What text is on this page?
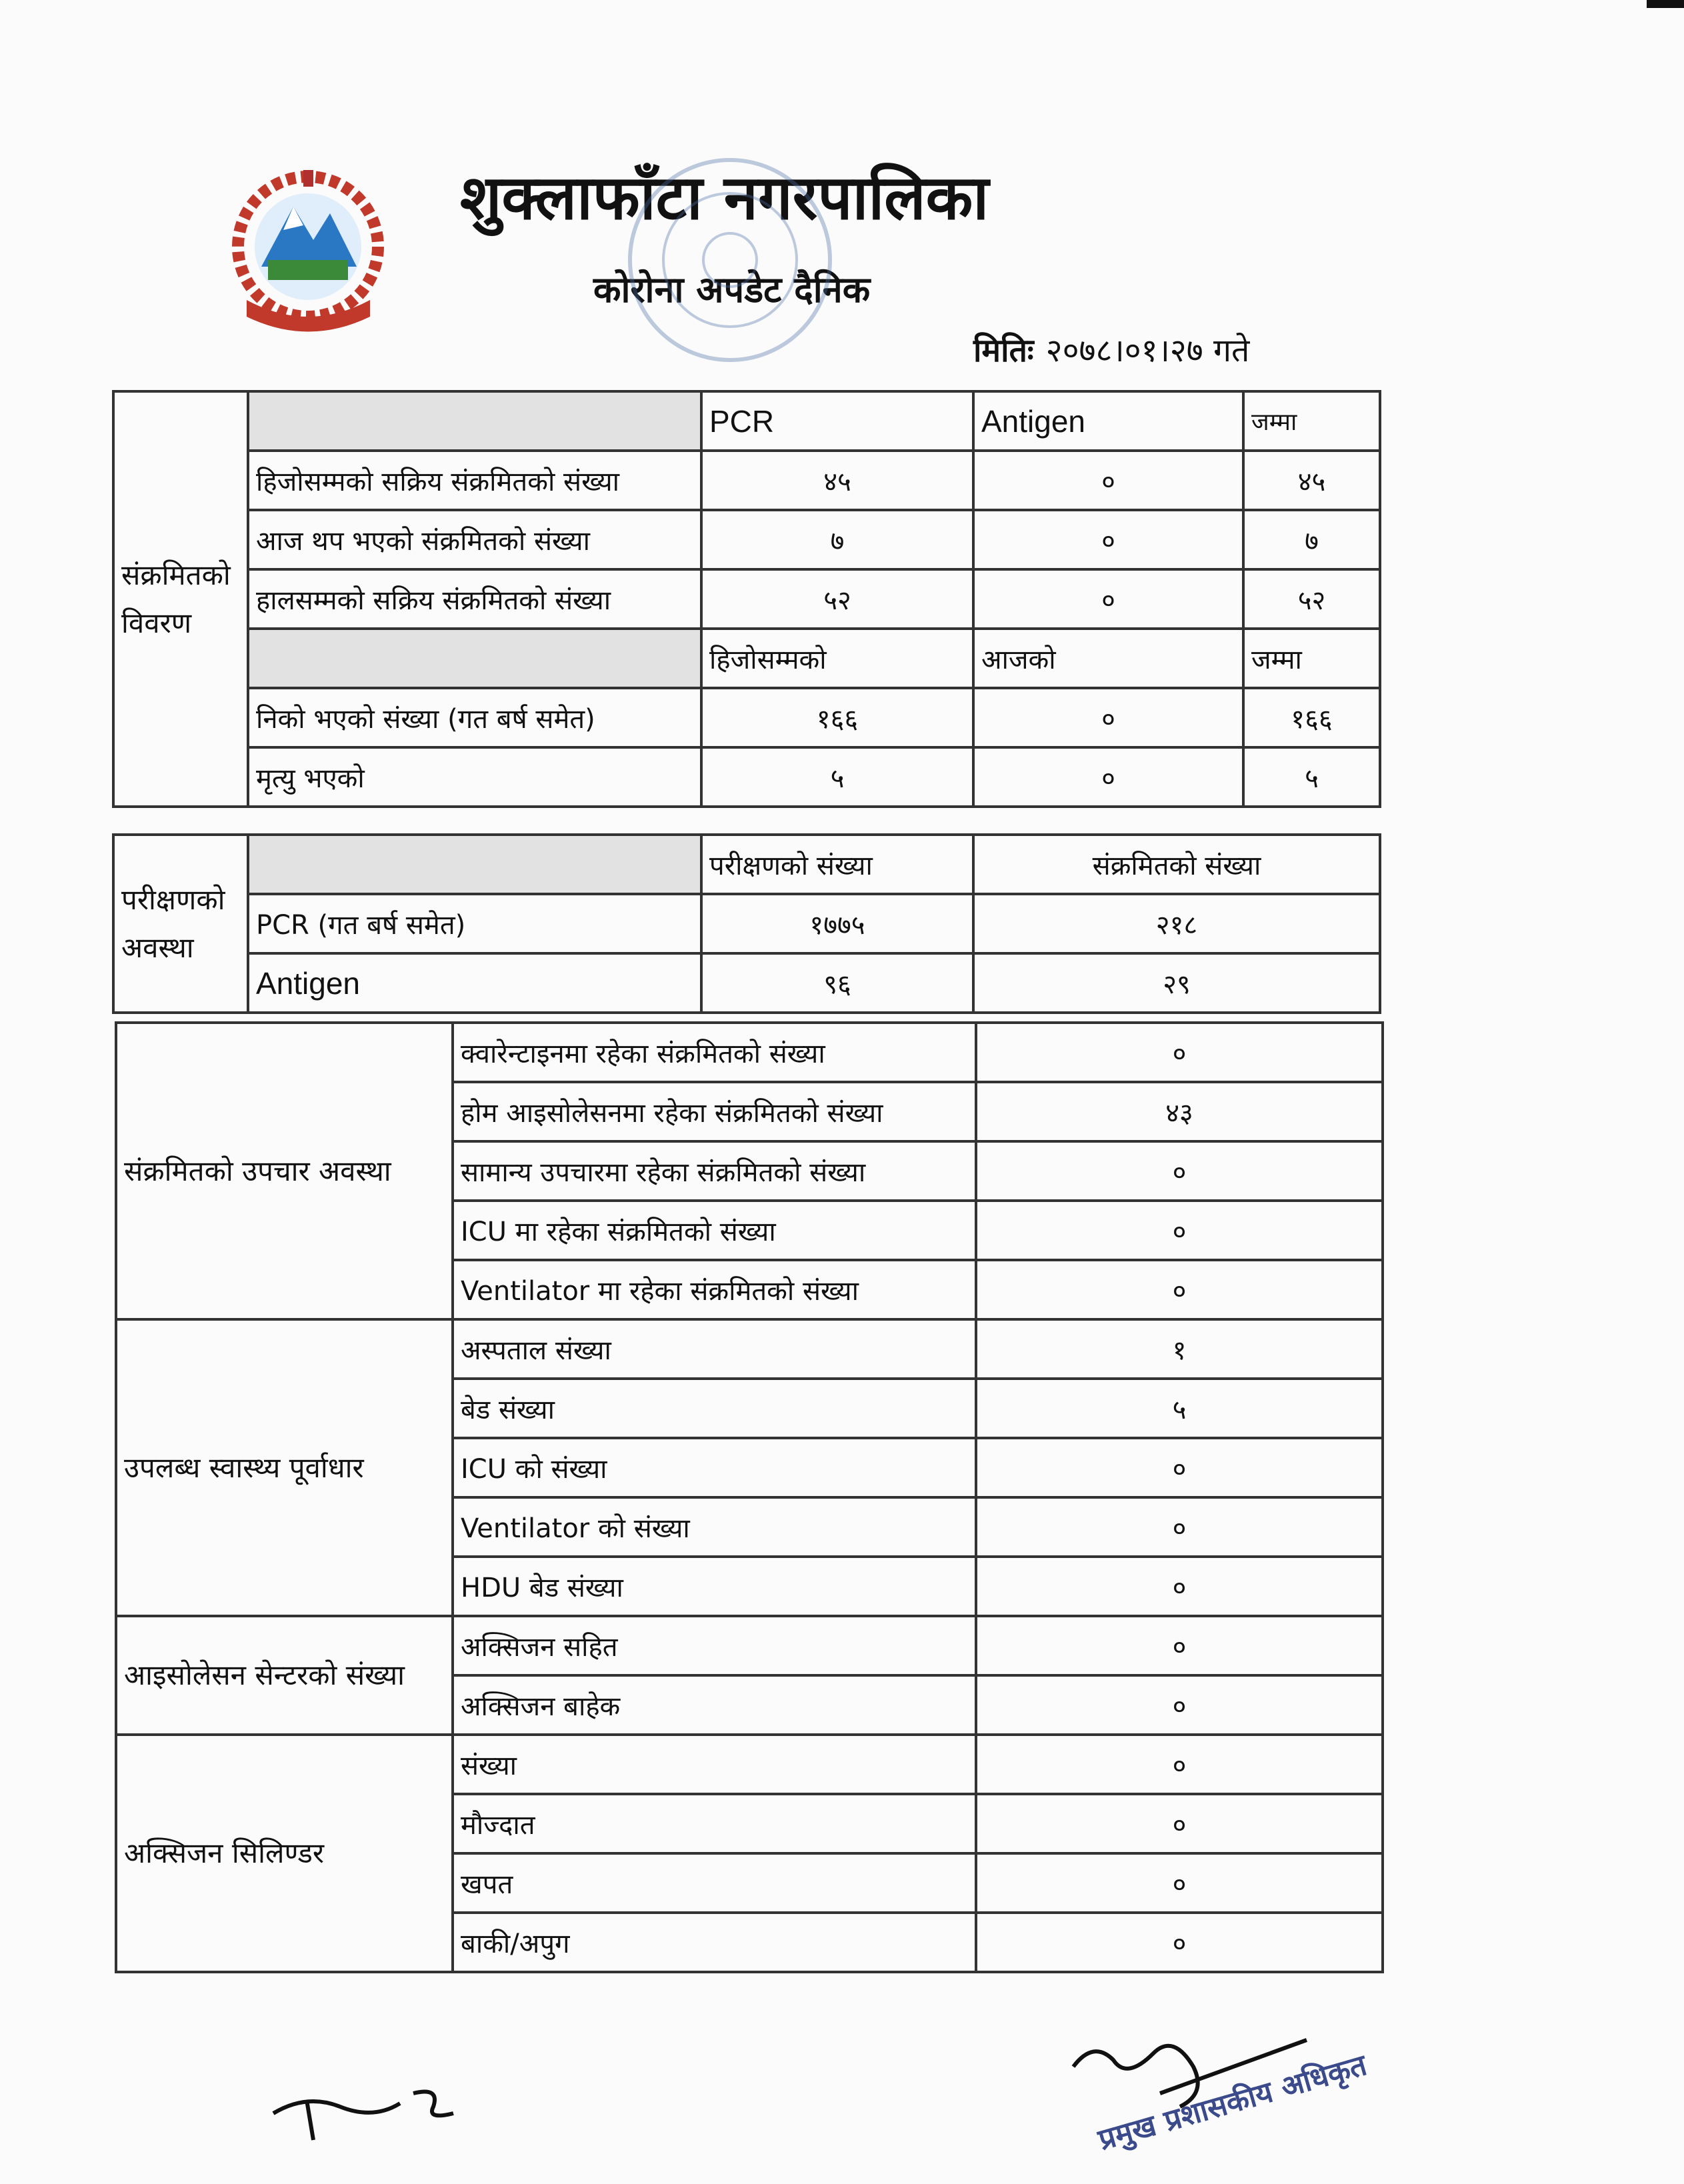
शुक्लाफाँटा नगरपालिका
कोरोना अपडेट दैनिक
मितिः २०७८।०१।२७ गते
संक्रमितको विवरण		PCR	Antigen	जम्मा
	हिजोसम्मको सक्रिय संक्रमितको संख्या	४५	०	४५
	आज थप भएको संक्रमितको संख्या	७	०	७
	हालसम्मको सक्रिय संक्रमितको संख्या	५२	०	५२
		हिजोसम्मको	आजको	जम्मा
	निको भएको संख्या (गत बर्ष समेत)	१६६	०	१६६
	मृत्यु भएको	५	०	५
परीक्षणको अवस्था		परीक्षणको संख्या	संक्रमितको संख्या
	PCR (गत बर्ष समेत)	१७७५	२१८
	Antigen	९६	२९
संक्रमितको उपचार अवस्था	क्वारेन्टाइनमा रहेका संक्रमितको संख्या	०
	होम आइसोलेसनमा रहेका संक्रमितको संख्या	४३
	सामान्य उपचारमा रहेका संक्रमितको संख्या	०
	ICU मा रहेका संक्रमितको संख्या	०
	Ventilator मा रहेका संक्रमितको संख्या	०
उपलब्ध स्वास्थ्य पूर्वाधार	अस्पताल संख्या	१
	बेड संख्या	५
	ICU को संख्या	०
	Ventilator को संख्या	०
	HDU बेड संख्या	०
आइसोलेसन सेन्टरको संख्या	अक्सिजन सहित	०
	अक्सिजन बाहेक	०
अक्सिजन सिलिण्डर	संख्या	०
	मौज्दात	०
	खपत	०
	बाकी/अपुग	०
प्रमुख प्रशासकीय अधिकृत
